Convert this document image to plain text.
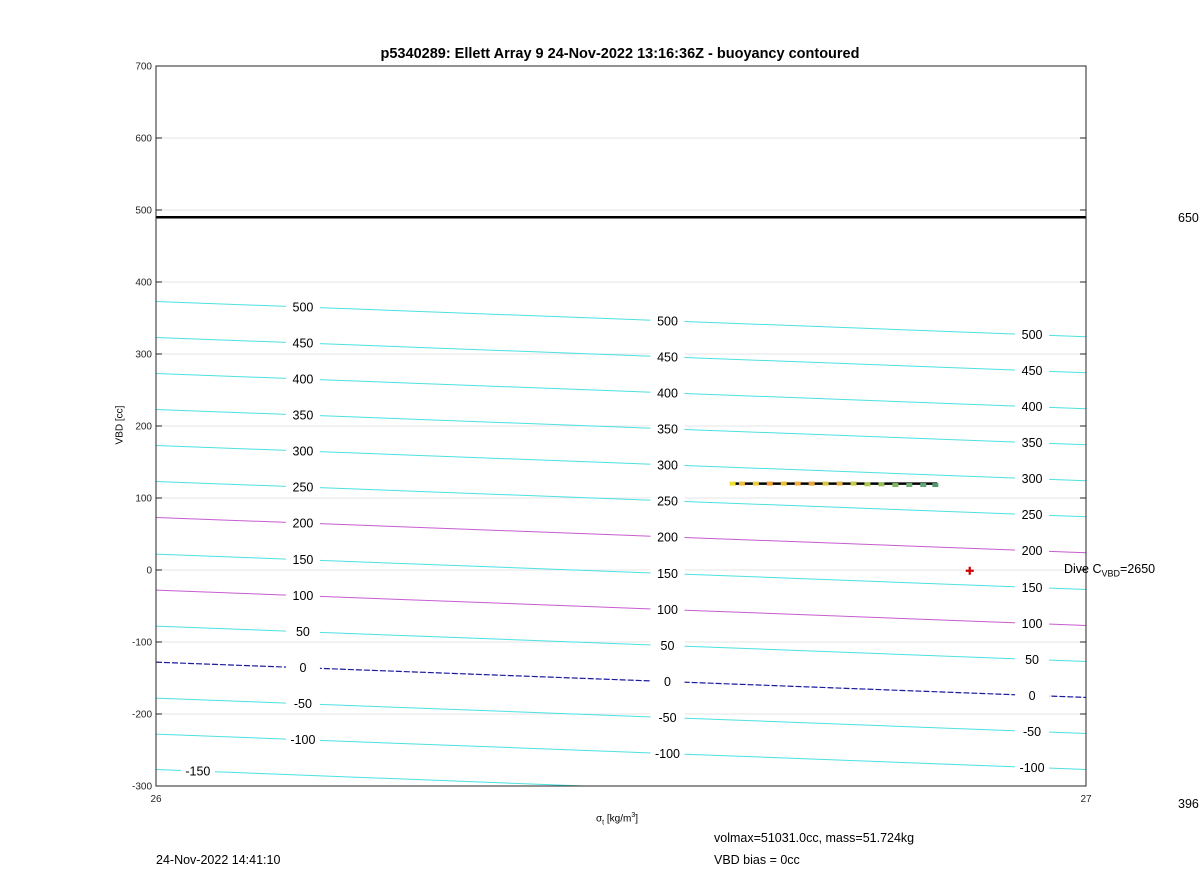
-150
-100
-100
-100
-50
-50
-50
0
0
0
50
50
50
100
100
100
150
150
150
200
200
200
250
250
250
300
300
300
350
350
350
400
400
400
450
450
450
500
500
500
-300
-200
-100
0
100
200
300
400
500
600
700
26	27
p5340289: Ellett Array 9 24-Nov-2022 13:16:36Z - buoyancy contoured
VBD [cc]
$\sigma_t$ $[kg/m^3]$
Dive $C_{VBD}=2650$
650
396
volmax=51031.0cc, mass=51.724kg
VBD bias = 0cc
24-Nov-2022 14:41:10
